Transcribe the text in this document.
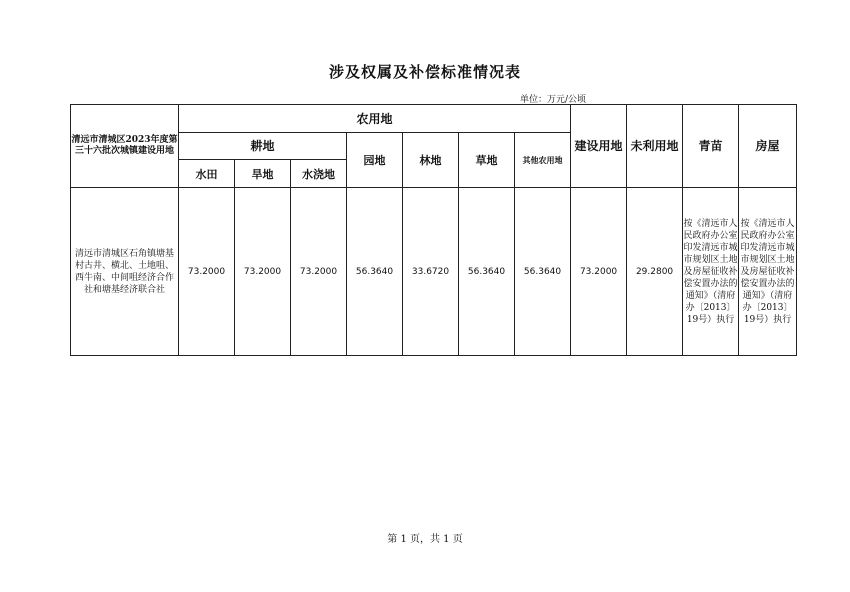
涉及权属及补偿标准情况表
单位：万元/公顷
清远市清城区2023年度第三十六批次城镇建设用地	农用地							建设用地	未利用地	青苗	房屋
	耕地			园地	林地	草地	其他农用地				
	水田	旱地	水浇地								
清远市清城区石角镇塘基村古井、横北、土地咀、西牛南、中间咀经济合作社和塘基经济联合社	73.2000	73.2000	73.2000	56.3640	33.6720	56.3640	56.3640	73.2000	29.2800	按《清远市人民政府办公室印发清远市城市规划区土地及房屋征收补偿安置办法的通知》（清府办〔2013〕19号）执行	按《清远市人民政府办公室印发清远市城市规划区土地及房屋征收补偿安置办法的通知》（清府办〔2013〕19号）执行
第 1 页，共 1 页
